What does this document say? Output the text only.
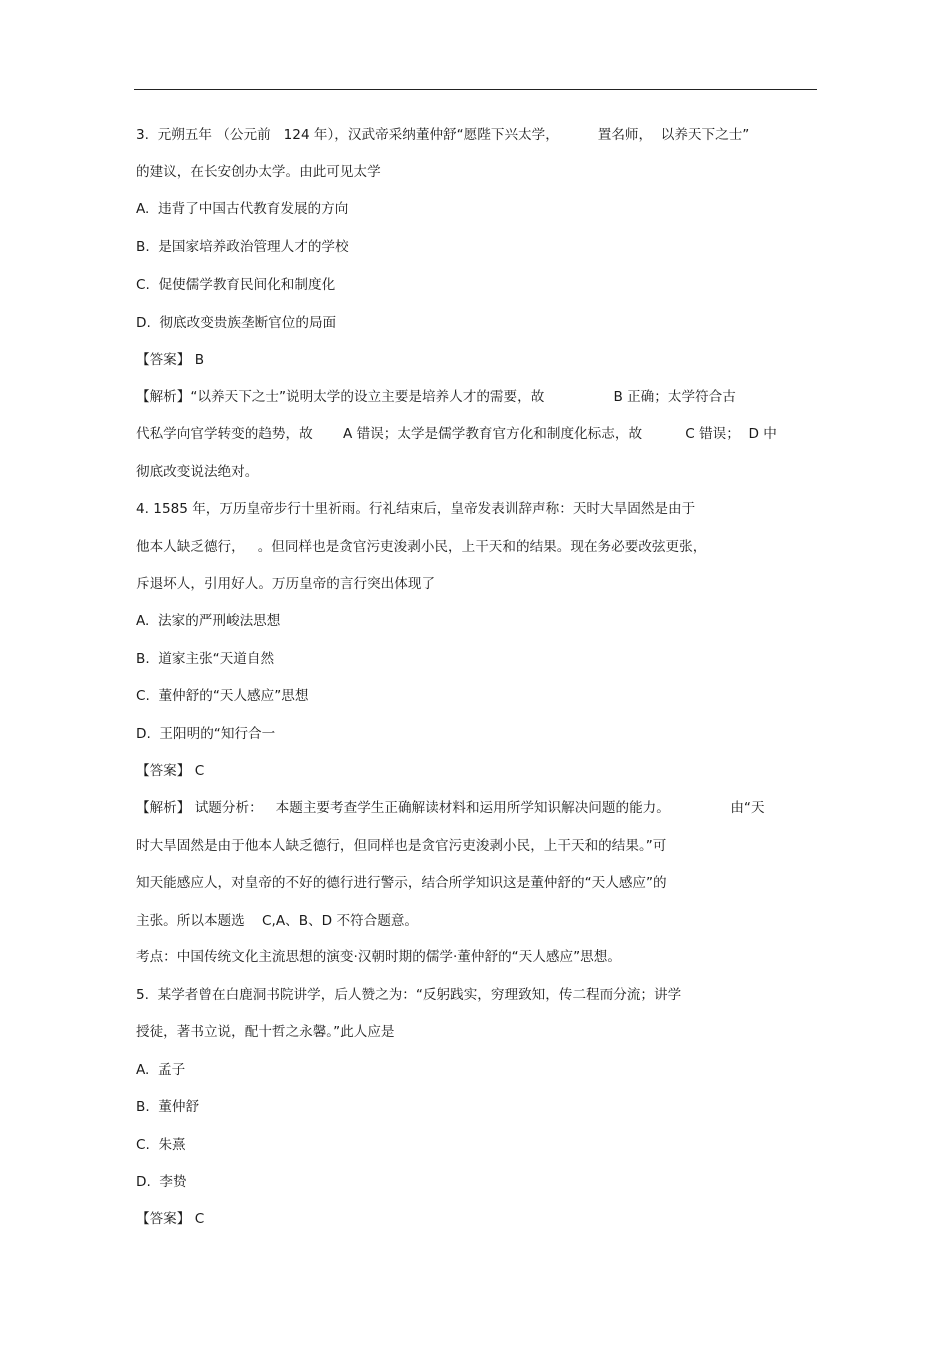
3.  元朔五年 （公元前   124 年），汉武帝采纳董仲舒“愿陛下兴太学，         置名师，  以养天下之士”

的建议，在长安创办太学。由此可见太学

A.  违背了中国古代教育发展的方向

B.  是国家培养政治管理人才的学校

C.  促使儒学教育民间化和制度化

D.  彻底改变贵族垄断官位的局面

【答案】 B

【解析】“以养天下之士”说明太学的设立主要是培养人才的需要，故                B 正确；太学符合古

代私学向官学转变的趋势，故       A 错误；太学是儒学教育官方化和制度化标志，故          C 错误；  D 中

彻底改变说法绝对。

4. 1585 年，万历皇帝步行十里祈雨。行礼结束后，皇帝发表训辞声称：天时大旱固然是由于

他本人缺乏德行，   。但同样也是贪官污吏浚剥小民，上干天和的结果。现在务必要改弦更张，

斥退坏人，引用好人。万历皇帝的言行突出体现了

A.  法家的严刑峻法思想

B.  道家主张“天道自然

C.  董仲舒的“天人感应”思想

D.  王阳明的“知行合一

【答案】 C

【解析】 试题分析：   本题主要考查学生正确解读材料和运用所学知识解决问题的能力。              由“天

时大旱固然是由于他本人缺乏德行，但同样也是贪官污吏浚剥小民，上干天和的结果。”可

知天能感应人，对皇帝的不好的德行进行警示，结合所学知识这是董仲舒的“天人感应”的

主张。所以本题选    C,A、B、D 不符合题意。

考点：中国传统文化主流思想的演变·汉朝时期的儒学·董仲舒的“天人感应”思想。

5.  某学者曾在白鹿洞书院讲学，后人赞之为：“反躬践实，穷理致知，传二程而分流；讲学

授徒，著书立说，配十哲之永馨。”此人应是

A.  孟子

B.  董仲舒

C.  朱熹

D.  李贽

【答案】 C
